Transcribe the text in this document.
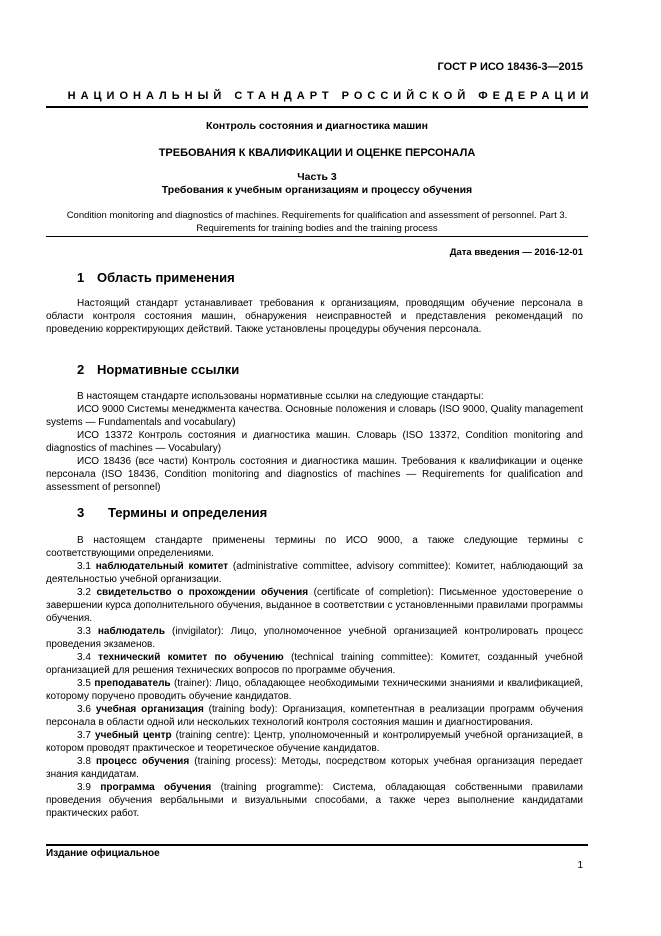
ГОСТ Р ИСО 18436-3—2015
НАЦИОНАЛЬНЫЙ СТАНДАРТ РОССИЙСКОЙ ФЕДЕРАЦИИ
Контроль состояния и диагностика машин
ТРЕБОВАНИЯ К КВАЛИФИКАЦИИ И ОЦЕНКЕ ПЕРСОНАЛА
Часть 3
Требования к учебным организациям и процессу обучения
Condition monitoring and diagnostics of machines. Requirements for qualification and assessment of personnel. Part 3. Requirements for training bodies and the training process
Дата введения — 2016-12-01
1 Область применения

Настоящий стандарт устанавливает требования к организациям, проводящим обучение персонала в области контроля состояния машин, обнаружения неисправностей и представления рекомендаций по проведению корректирующих действий. Также установлены процедуры обучения персонала.

2 Нормативные ссылки

В настоящем стандарте использованы нормативные ссылки на следующие стандарты:

ИСО 9000 Системы менеджмента качества. Основные положения и словарь (ISO 9000, Quality management systems — Fundamentals and vocabulary)

ИСО 13372 Контроль состояния и диагностика машин. Словарь (ISO 13372, Condition monitoring and diagnostics of machines — Vocabulary)

ИСО 18436 (все части) Контроль состояния и диагностика машин. Требования к квалификации и оценке персонала (ISO 18436, Condition monitoring and diagnostics of machines — Requirements for qualification and assessment of personnel)

3 Термины и определения

В настоящем стандарте применены термины по ИСО 9000, а также следующие термины с соответствующими определениями.

3.1 наблюдательный комитет (administrative committee, advisory committee): Комитет, наблюдающий за деятельностью учебной организации.

3.2 свидетельство о прохождении обучения (certificate of completion): Письменное удостоверение о завершении курса дополнительного обучения, выданное в соответствии с установленными правилами программы обучения.

3.3 наблюдатель (invigilator): Лицо, уполномоченное учебной организацией контролировать процесс проведения экзаменов.

3.4 технический комитет по обучению (technical training committee): Комитет, созданный учебной организацией для решения технических вопросов по программе обучения.

3.5 преподаватель (trainer): Лицо, обладающее необходимыми техническими знаниями и квалификацией, которому поручено проводить обучение кандидатов.

3.6 учебная организация (training body): Организация, компетентная в реализации программ обучения персонала в области одной или нескольких технологий контроля состояния машин и диагностирования.

3.7 учебный центр (training centre): Центр, уполномоченный и контролируемый учебной организацией, в котором проводят практическое и теоретическое обучение кандидатов.

3.8 процесс обучения (training process): Методы, посредством которых учебная организация передает знания кандидатам.

3.9 программа обучения (training programme): Система, обладающая собственными правилами проведения обучения вербальными и визуальными способами, а также через выполнение кандидатами практических работ.

Издание официальное
1
